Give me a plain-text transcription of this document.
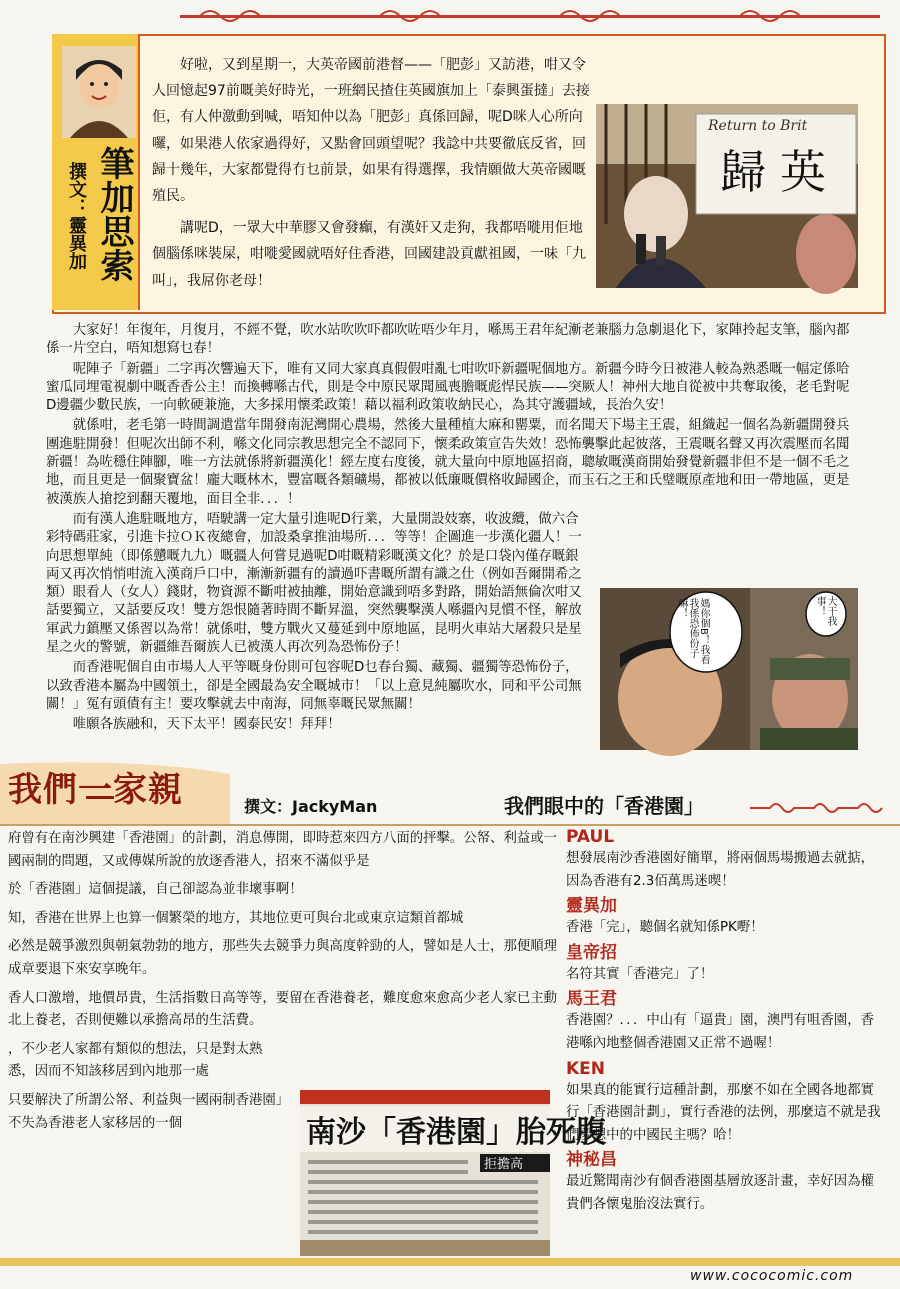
筆加思索
撰文：靈異加

好啦，又到星期一，大英帝國前港督——「肥彭」又訪港，咁又令人回憶起97前嘅美好時光，一班網民揸住英國旗加上「泰興蛋撻」去接佢，有人仲激動到喊，唔知仲以為「肥彭」真係回歸，呢D咪人心所向囉，如果港人依家過得好，又點會回頭望呢？我諗中共要徹底反省，回歸十幾年，大家都覺得冇乜前景，如果有得選擇，我情願做大英帝國嘅殖民。

講呢D，一眾大中華膠又會發癲，有漢奸又走狗，我都唔嘥用佢地個腦係咪裝屎，咁嘥愛國就唔好住香港，回國建設貢獻祖國，一味「九叫」，我屌你老母！

Return to Brit
歸英

大家好！年復年，月復月，不經不覺，吹水站吹吹吓都吹咗唔少年月，喺馬王君年紀漸老兼腦力急劇退化下，家陣拎起支筆，腦內都係一片空白，唔知想寫乜春！

呢陣子「新疆」二字再次響遍天下，唯有又同大家真真假假咁亂七咁吹吓新疆呢個地方。新疆今時今日被港人較為熟悉嘅一幅定係哈蜜瓜同埋電視劇中嘅香香公主！而換轉喺古代，則是令中原民眾聞風喪膽嘅彪悍民族——突厥人！神州大地自從被中共奪取後，老毛對呢D邊疆少數民族，一向軟硬兼施，大多採用懷柔政策！藉以福利政策收納民心，為其守護疆域，長治久安！

就係咁，老毛第一時間調遣當年開發南泥灣開心農場，然後大量種植大麻和罌粟，而名聞天下場主王震，組織起一個名為新疆開發兵團進駐開發！但呢次出師不利，喺文化同宗教思想完全不認同下，懷柔政策宣告失效！恐怖襲擊此起彼落，王震嘅名聲又再次震壓而名聞新疆！為咗穩住陣腳，唯一方法就係將新疆漢化！經左度右度後，就大量向中原地區招商，聰敏嘅漢商開始發覺新疆非但不是一個不毛之地，而且更是一個聚寶盆！龐大嘅林木，豐富嘅各類礦場，都被以低廉嘅價格收歸國企，而玉石之王和氏璧嘅原產地和田一帶地區，更是被漢族人搶挖到翻天覆地，面目全非．．．！

而有漢人進駐嘅地方，唔駛講一定大量引進呢D行業，大量開設妓寨，收波纜，做六合彩特碼莊家，引進卡拉ＯＫ夜總會，加設桑拿推油場所．．．等等！企圖進一步漢化疆人！一向思想單純（即係戇嘅九九）嘅疆人何嘗見過呢D咁嘅精彩嘅漢文化？於是口袋內僅存嘅銀両又再次悄悄咁流入漢商戶口中，漸漸新疆有的讀過吓書嘅所謂有識之仕（例如吾爾開希之類）眼看人（女人）錢財，物資源不斷咁被抽離，開始意識到唔多對路，開始語無倫次咁又話要獨立，又話要反攻！雙方怨恨隨著時間不斷昇溫，突然襲擊漢人喺疆內見慣不怪，解放軍武力鎮壓又係習以為常！就係咁，雙方戰火又蔓延到中原地區，昆明火車站大屠殺只是星星之火的警號，新疆維吾爾族人已被漢人再次列為恐怖份子！

而香港呢個自由市場人人平等嘅身份則可包容呢D乜春台獨、藏獨、疆獨等恐怖份子，以致香港本屬為中國領土，卻是全國最為安全嘅城市！「以上意見純屬吹水，同和平公司無關！」冤有頭債有主！要攻擊就去中南海，同無辜嘅民眾無關！

唯願各族融和，天下太平！國泰民安！拜拜！

媽你個B！我看我係恐佈份子嘛！	大干我事！
我們一家親	撰文：JackyMan	我們眼中的「香港園」

府曾有在南沙興建「香港園」的計劃，消息傳開，即時惹來四方八面的抨擊。公帑、利益或一國兩制的問題，又或傳媒所說的放逐香港人，招來不滿似乎是

於「香港園」這個提議，自己卻認為並非壞事啊！

知，香港在世界上也算一個繁榮的地方，其地位更可與台北或東京這類首都城

必然是競爭激烈與朝氣勃勃的地方，那些失去競爭力與高度幹勁的人，譬如是人士，那便順理成章要退下來安享晚年。

香人口激增，地價昂貴，生活指數日高等等，要留在香港養老，難度愈來愈高少老人家已主動北上養老，否則便難以承擔高昂的生活費。

，不少老人家都有類似的想法，只是對太熟悉，因而不知該移居到內地那一處

只要解決了所謂公帑、利益與一國兩制香港園」不失為香港老人家移居的一個	南沙「香港園」胎死腹
拒擔高

PAUL

想發展南沙香港園好簡單，將兩個馬場搬過去就掂，因為香港有2.3佰萬馬迷喫！

靈異加

香港「完」，聽個名就知係PK嘢！

皇帝招

名符其實「香港完」了！

馬王君

香港園？．．．中山有「逼貴」園，澳門有咀香園，香港喺內地整個香港園又正常不過喔！

KEN

如果真的能實行這種計劃，那麼不如在全國各地都實行「香港園計劃」，實行香港的法例，那麼這不就是我們夢想中的中國民主嗎？哈！

神秘昌

最近驚聞南沙有個香港園基層放逐計畫，幸好因為權貴們各懷鬼胎沒法實行。

www.cococomic.com
